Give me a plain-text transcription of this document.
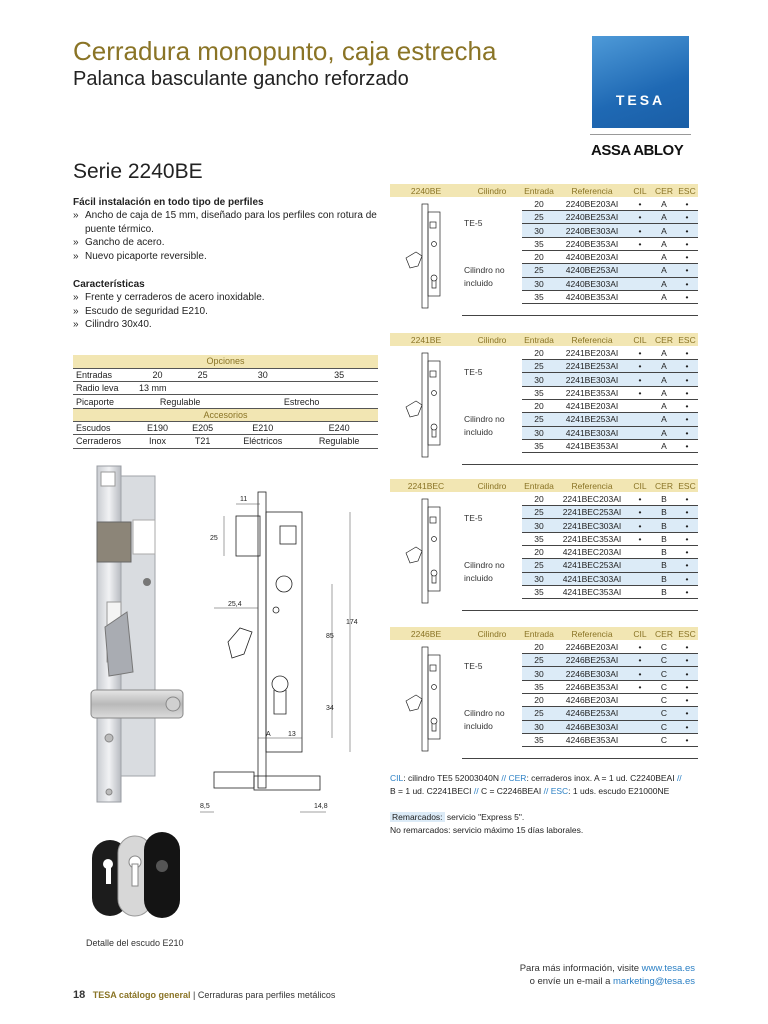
Cerradura monopunto, caja estrecha
Palanca basculante gancho reforzado
TESA
ASSA ABLOY
Serie 2240BE
Fácil instalación en todo tipo de perfiles
» Ancho de caja de 15 mm, diseñado para los perfiles con rotura de puente térmico.
» Gancho de acero.
» Nuevo picaporte reversible.
Características
» Frente y cerraderos de acero inoxidable.
» Escudo de seguridad E210.
» Cilindro 30x40.
Opciones				
Entradas	20	25	30	35
Radio leva	13 mm			
Picaporte	Regulable		Estrecho	
Accesorios				
Escudos	E190	E205	E210	E240
Cerraderos	Inox	T21	Eléctricos	Regulable
11
25
25,4
85
174
34
A 13
8,5	14,8
Detalle del escudo E210
2240BE	Cilindro	Entrada	Referencia	CIL	CER	ESC
	TE-5	20	2240BE203AI	•	A	•
		25	2240BE253AI	•	A	•
		30	2240BE303AI	•	A	•
		35	2240BE353AI	•	A	•
	Cilindro no
incluido	20	4240BE203AI		A	•
		25	4240BE253AI		A	•
		30	4240BE303AI		A	•
		35	4240BE353AI		A	•

2241BE	Cilindro	Entrada	Referencia	CIL	CER	ESC
	TE-5	20	2241BE203AI	•	A	•
		25	2241BE253AI	•	A	•
		30	2241BE303AI	•	A	•
		35	2241BE353AI	•	A	•
	Cilindro no
incluido	20	4241BE203AI		A	•
		25	4241BE253AI		A	•
		30	4241BE303AI		A	•
		35	4241BE353AI		A	•

2241BEC	Cilindro	Entrada	Referencia	CIL	CER	ESC
	TE-5	20	2241BEC203AI	•	B	•
		25	2241BEC253AI	•	B	•
		30	2241BEC303AI	•	B	•
		35	2241BEC353AI	•	B	•
	Cilindro no
incluido	20	4241BEC203AI		B	•
		25	4241BEC253AI		B	•
		30	4241BEC303AI		B	•
		35	4241BEC353AI		B	•

2246BE	Cilindro	Entrada	Referencia	CIL	CER	ESC
	TE-5	20	2246BE203AI	•	C	•
		25	2246BE253AI	•	C	•
		30	2246BE303AI	•	C	•
		35	2246BE353AI	•	C	•
	Cilindro no
incluido	20	4246BE203AI		C	•
		25	4246BE253AI		C	•
		30	4246BE303AI		C	•
		35	4246BE353AI		C	•

CIL: cilindro TE5 52003040N // CER: cerraderos inox. A = 1 ud. C2240BEAI //
B = 1 ud. C2241BECI // C = C2246BEAI // ESC: 1 uds. escudo E21000NE
Remarcados: servicio "Express 5".
No remarcados: servicio máximo 15 días laborales.
Para más información, visite www.tesa.es
o envíe un e-mail a marketing@tesa.es
18 TESA catálogo general | Cerraduras para perfiles metálicos
